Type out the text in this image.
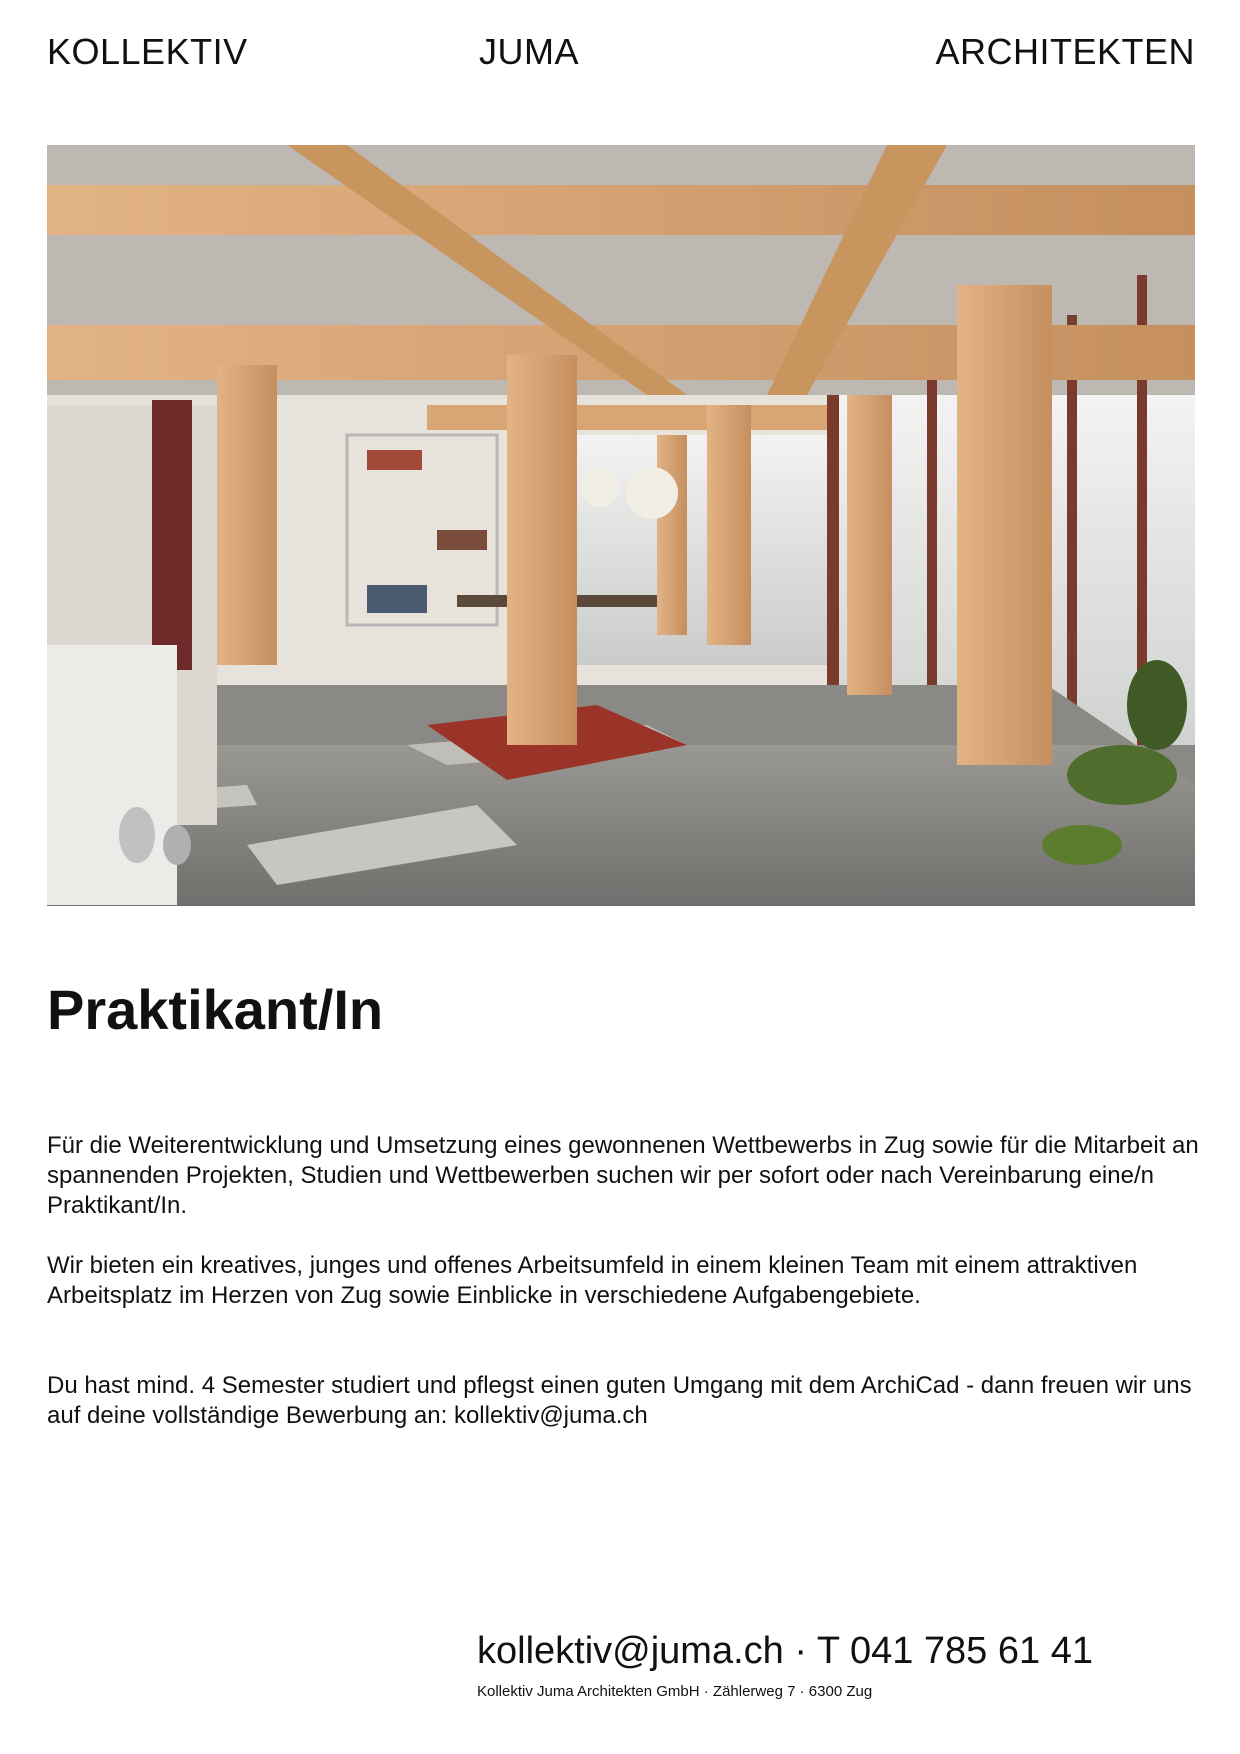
KOLLEKTIV	JUMA	ARCHITEKTEN
Praktikant/In

Für die Weiterentwicklung und Umsetzung eines gewonnenen Wettbewerbs in Zug sowie für die Mitarbeit an spannenden Projekten, Studien und Wettbewerben suchen wir per sofort oder nach Vereinbarung eine/n Praktikant/In.

Wir bieten ein kreatives, junges und offenes Arbeitsumfeld in einem kleinen Team mit einem attraktiven Arbeitsplatz im Herzen von Zug sowie Einblicke in verschiedene Aufgabengebiete.

Du hast mind. 4 Semester studiert und pflegst einen guten Umgang mit dem ArchiCad - dann freuen wir uns auf deine vollständige Bewerbung an: kollektiv@juma.ch

kollektiv@juma.ch · T 041 785 61 41
Kollektiv Juma Architekten GmbH · Zählerweg 7 · 6300 Zug
